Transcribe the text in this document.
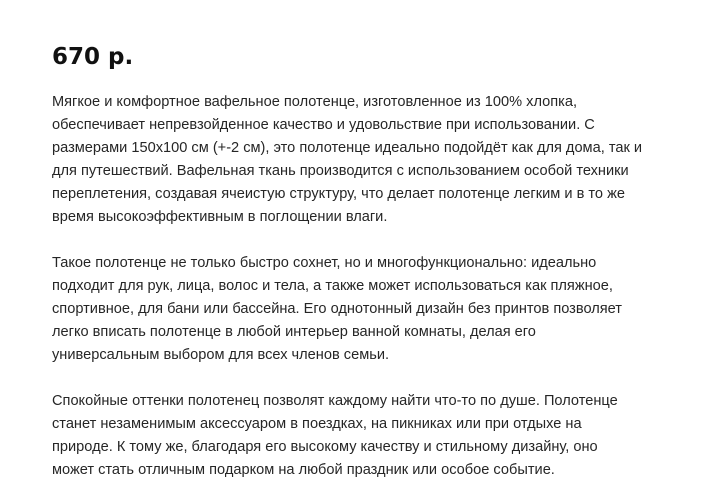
670 р.

Мягкое и комфортное вафельное полотенце, изготовленное из 100% хлопка,
обеспечивает непревзойденное качество и удовольствие при использовании. С
размерами 150х100 см (+-2 см), это полотенце идеально подойдёт как для дома, так и
для путешествий. Вафельная ткань производится с использованием особой техники
переплетения, создавая ячеистую структуру, что делает полотенце легким и в то же
время высокоэффективным в поглощении влаги.

Такое полотенце не только быстро сохнет, но и многофункционально: идеально
подходит для рук, лица, волос и тела, а также может использоваться как пляжное,
спортивное, для бани или бассейна. Его однотонный дизайн без принтов позволяет
легко вписать полотенце в любой интерьер ванной комнаты, делая его
универсальным выбором для всех членов семьи.

Спокойные оттенки полотенец позволят каждому найти что-то по душе. Полотенце
станет незаменимым аксессуаром в поездках, на пикниках или при отдыхе на
природе. К тому же, благодаря его высокому качеству и стильному дизайну, оно
может стать отличным подарком на любой праздник или особое событие.
